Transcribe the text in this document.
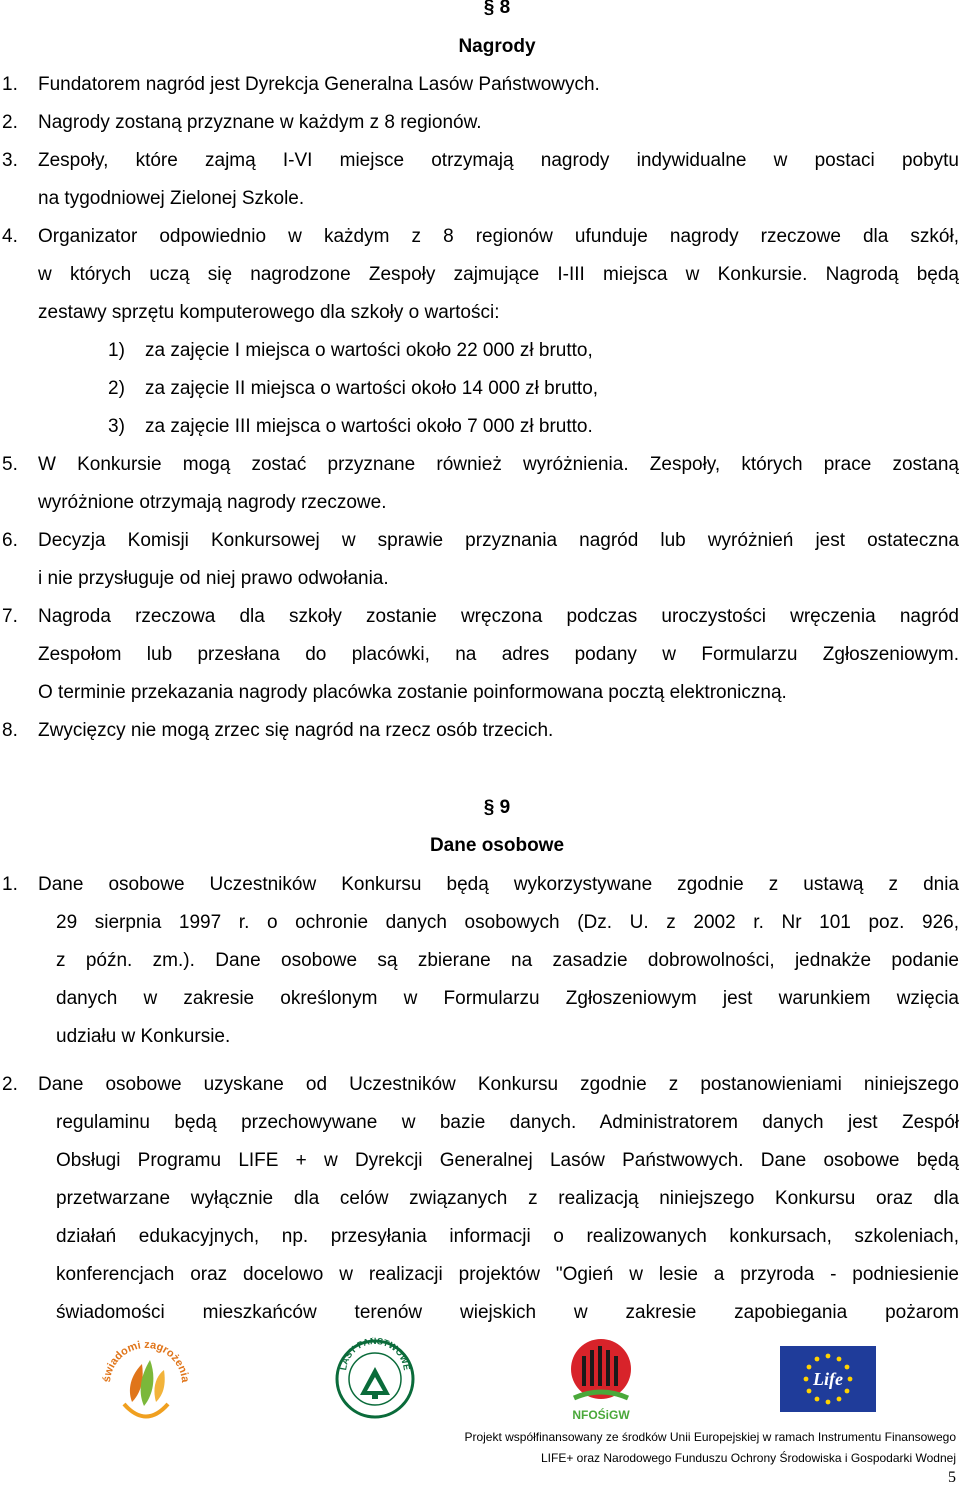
§ 8
Nagrody
1. Fundatorem nagród jest Dyrekcja Generalna Lasów Państwowych.
2. Nagrody zostaną przyznane w każdym z 8 regionów.
3. Zespoły, które zajmą I-VI miejsce otrzymają nagrody indywidualne w postaci pobytu
na tygodniowej Zielonej Szkole.
4. Organizator odpowiednio w każdym z 8 regionów ufunduje nagrody rzeczowe dla szkół,
w których uczą się nagrodzone Zespoły zajmujące I-III miejsca w Konkursie. Nagrodą będą
zestawy sprzętu komputerowego dla szkoły o wartości:
1) za zajęcie I miejsca o wartości około 22 000 zł brutto,
2) za zajęcie II miejsca o wartości około 14 000 zł brutto,
3) za zajęcie III miejsca o wartości około 7 000 zł brutto.
5. W Konkursie mogą zostać przyznane również wyróżnienia. Zespoły, których prace zostaną
wyróżnione otrzymają nagrody rzeczowe.
6. Decyzja Komisji Konkursowej w sprawie przyznania nagród lub wyróżnień jest ostateczna
i nie przysługuje od niej prawo odwołania.
7. Nagroda rzeczowa dla szkoły zostanie wręczona podczas uroczystości wręczenia nagród
Zespołom lub przesłana do placówki, na adres podany w Formularzu Zgłoszeniowym.
O terminie przekazania nagrody placówka zostanie poinformowana pocztą elektroniczną.
8. Zwycięzcy nie mogą zrzec się nagród na rzecz osób trzecich.
§ 9
Dane osobowe
1. Dane osobowe Uczestników Konkursu będą wykorzystywane zgodnie z ustawą z dnia
29 sierpnia 1997 r. o ochronie danych osobowych (Dz. U. z 2002 r. Nr 101 poz. 926,
z późn. zm.). Dane osobowe są zbierane na zasadzie dobrowolności, jednakże podanie
danych w zakresie określonym w Formularzu Zgłoszeniowym jest warunkiem wzięcia
udziału w Konkursie.
2. Dane osobowe uzyskane od Uczestników Konkursu zgodnie z postanowieniami niniejszego
regulaminu będą przechowywane w bazie danych. Administratorem danych jest Zespół
Obsługi Programu LIFE + w Dyrekcji Generalnej Lasów Państwowych. Dane osobowe będą
przetwarzane wyłącznie dla celów związanych z realizacją niniejszego Konkursu oraz dla
działań edukacyjnych, np. przesyłania informacji o realizowanych konkursach, szkoleniach,
konferencjach oraz docelowo w realizacji projektów "Ogień w lesie a przyroda - podniesienie
świadomości mieszkańców terenów wiejskich w zakresie zapobiegania pożarom
świadomi zagrożenia
LASY PAŃSTWOWE
NFOŚiGW
Life
Projekt współfinansowany ze środków Unii Europejskiej w ramach Instrumentu Finansowego
LIFE+ oraz Narodowego Funduszu Ochrony Środowiska i Gospodarki Wodnej
5
